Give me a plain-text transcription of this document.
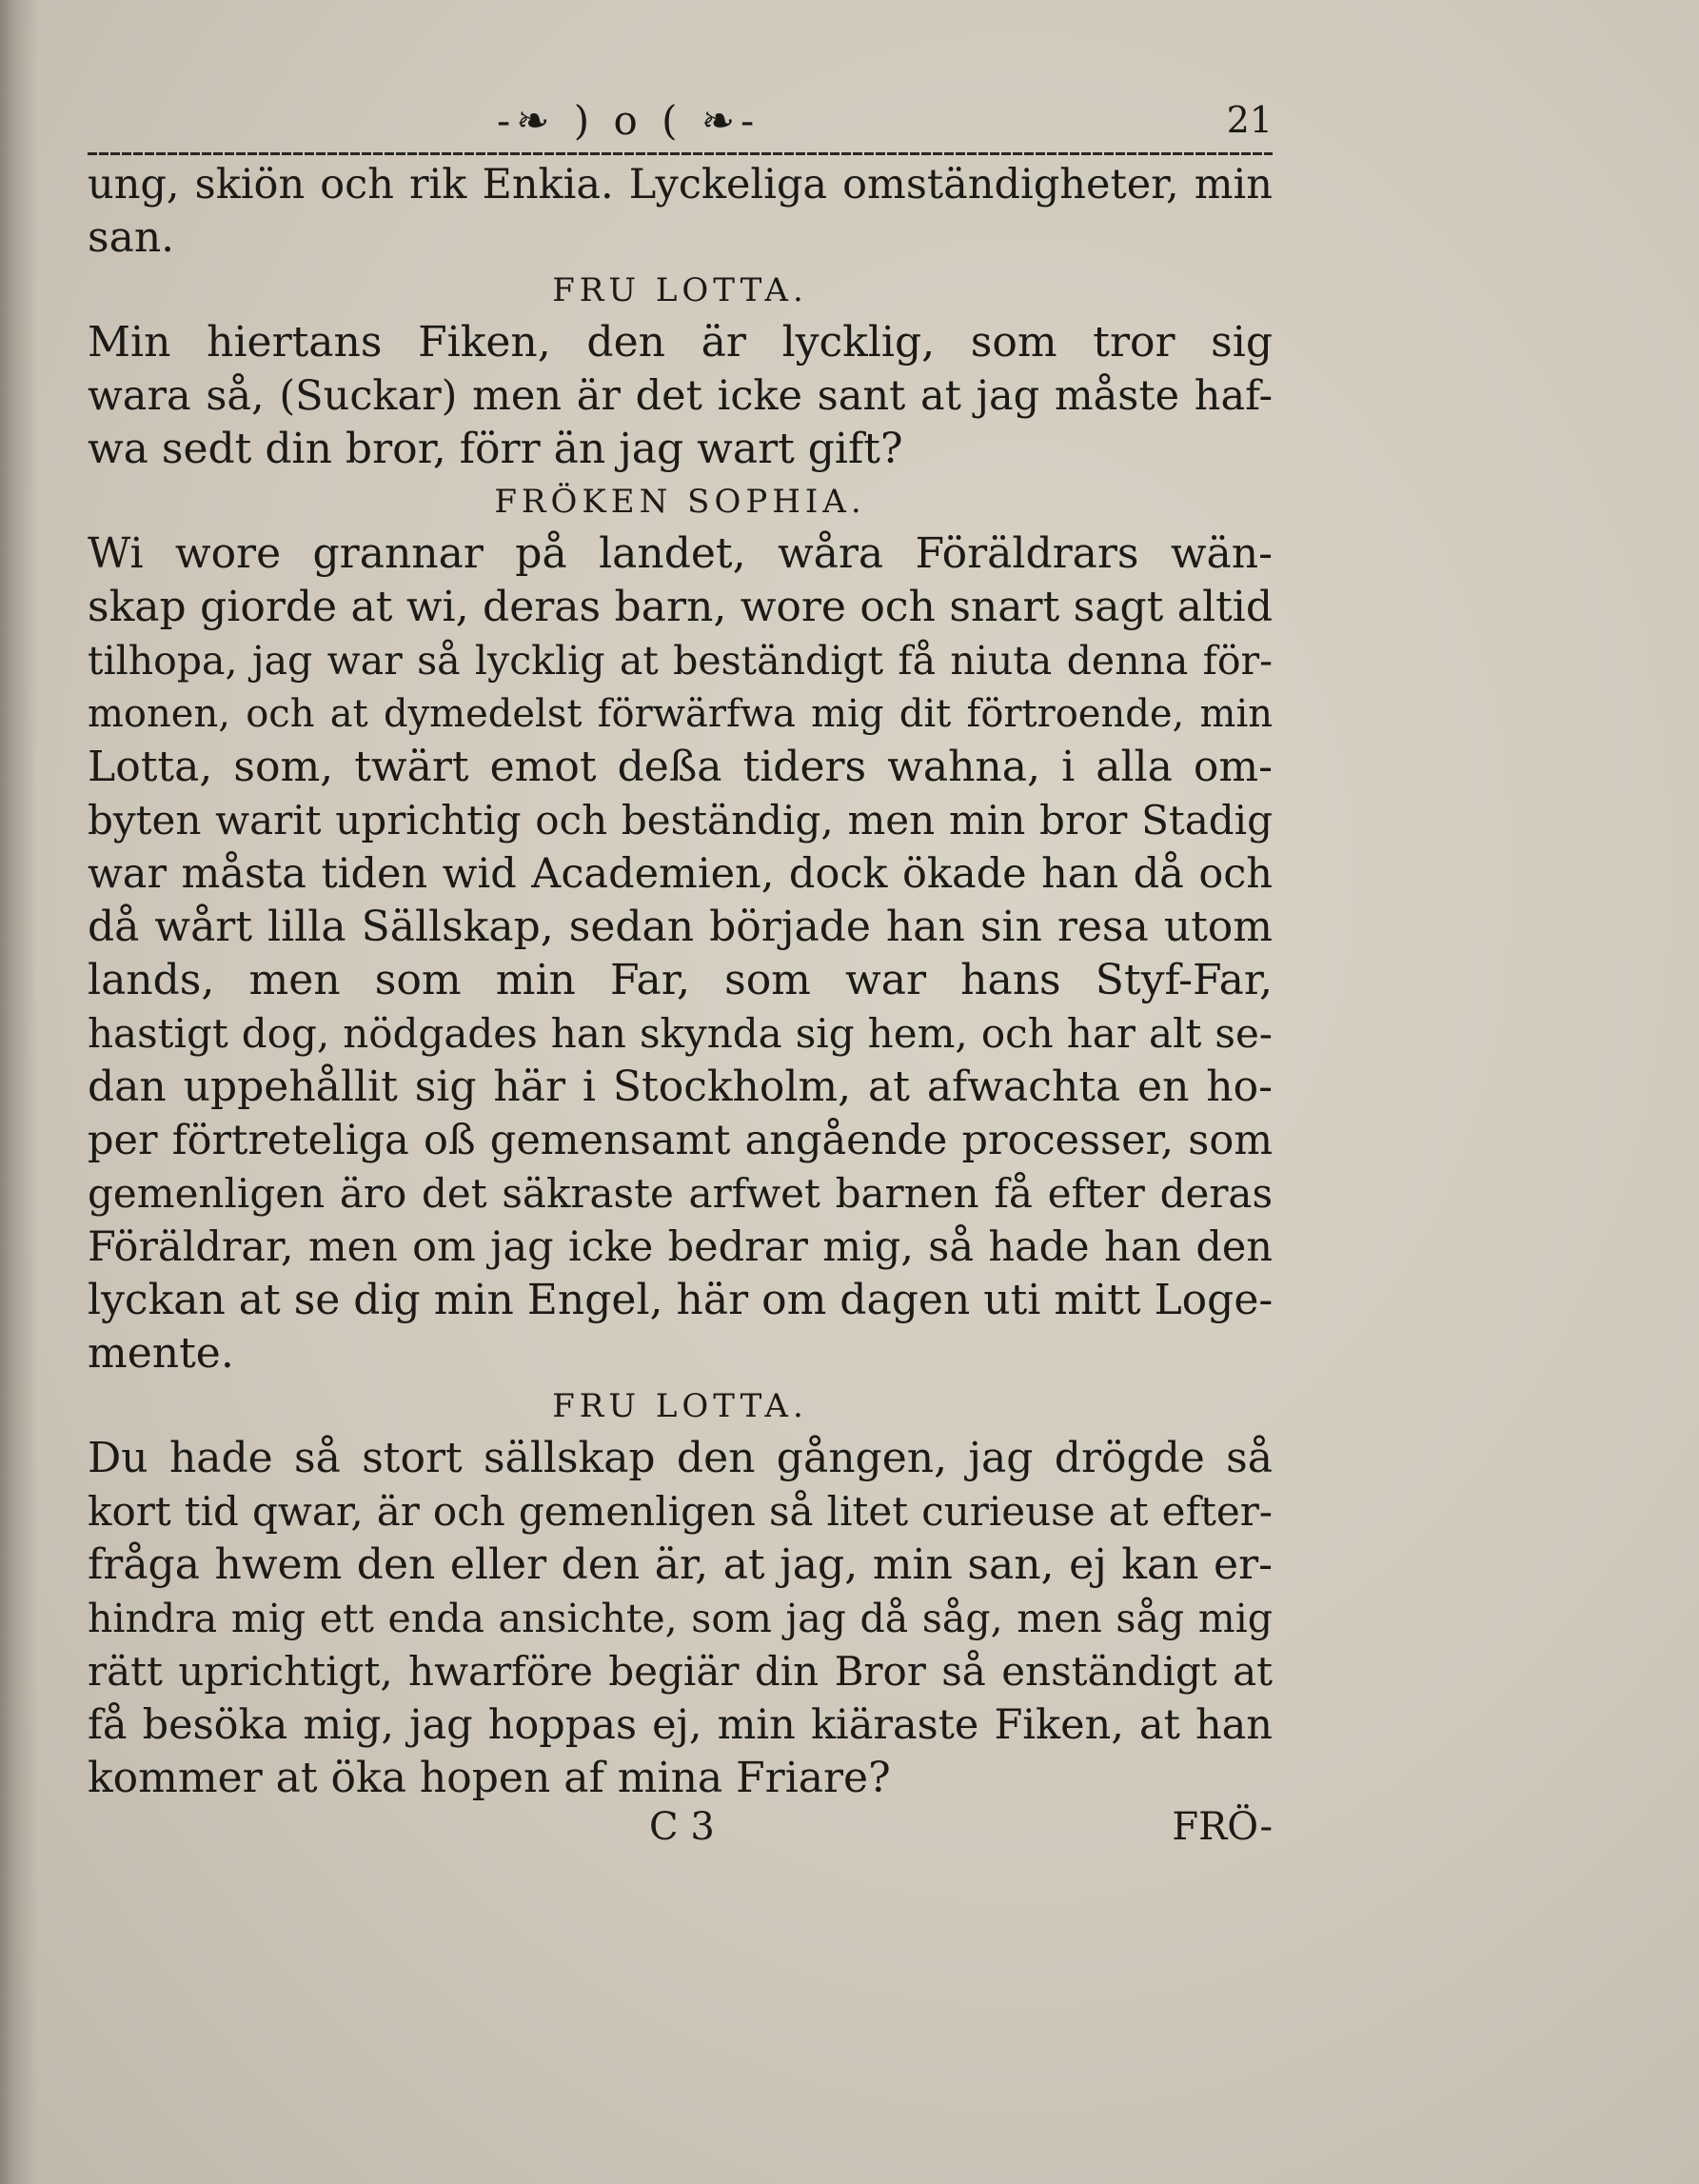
-❧ ) o ( ❧-	21
ung, skiön och rik Enkia. Lyckeliga omständigheter, min
san.
FRU LOTTA.
Min hiertans Fiken, den är lycklig, som tror sig
wara så, (Suckar) men är det icke sant at jag måste haf-
wa sedt din bror, förr än jag wart gift?
FRÖKEN SOPHIA.
Wi wore grannar på landet, wåra Föräldrars wän-
skap giorde at wi, deras barn, wore och snart sagt altid
tilhopa, jag war så lycklig at beständigt få niuta denna för-
monen, och at dymedelst förwärfwa mig dit förtroende, min
Lotta, som, twärt emot deßa tiders wahna, i alla om-
byten warit uprichtig och beständig, men min bror Stadig
war måsta tiden wid Academien, dock ökade han då och
då wårt lilla Sällskap, sedan började han sin resa utom
lands, men som min Far, som war hans Styf-Far,
hastigt dog, nödgades han skynda sig hem, och har alt se-
dan uppehållit sig här i Stockholm, at afwachta en ho-
per förtreteliga oß gemensamt angående processer, som
gemenligen äro det säkraste arfwet barnen få efter deras
Föräldrar, men om jag icke bedrar mig, så hade han den
lyckan at se dig min Engel, här om dagen uti mitt Loge-
mente.
FRU LOTTA.
Du hade så stort sällskap den gången, jag drögde så
kort tid qwar, är och gemenligen så litet curieuse at efter-
fråga hwem den eller den är, at jag, min san, ej kan er-
hindra mig ett enda ansichte, som jag då såg, men såg mig
rätt uprichtigt, hwarföre begiär din Bror så enständigt at
få besöka mig, jag hoppas ej, min kiäraste Fiken, at han
kommer at öka hopen af mina Friare?
C 3	FRÖ-
